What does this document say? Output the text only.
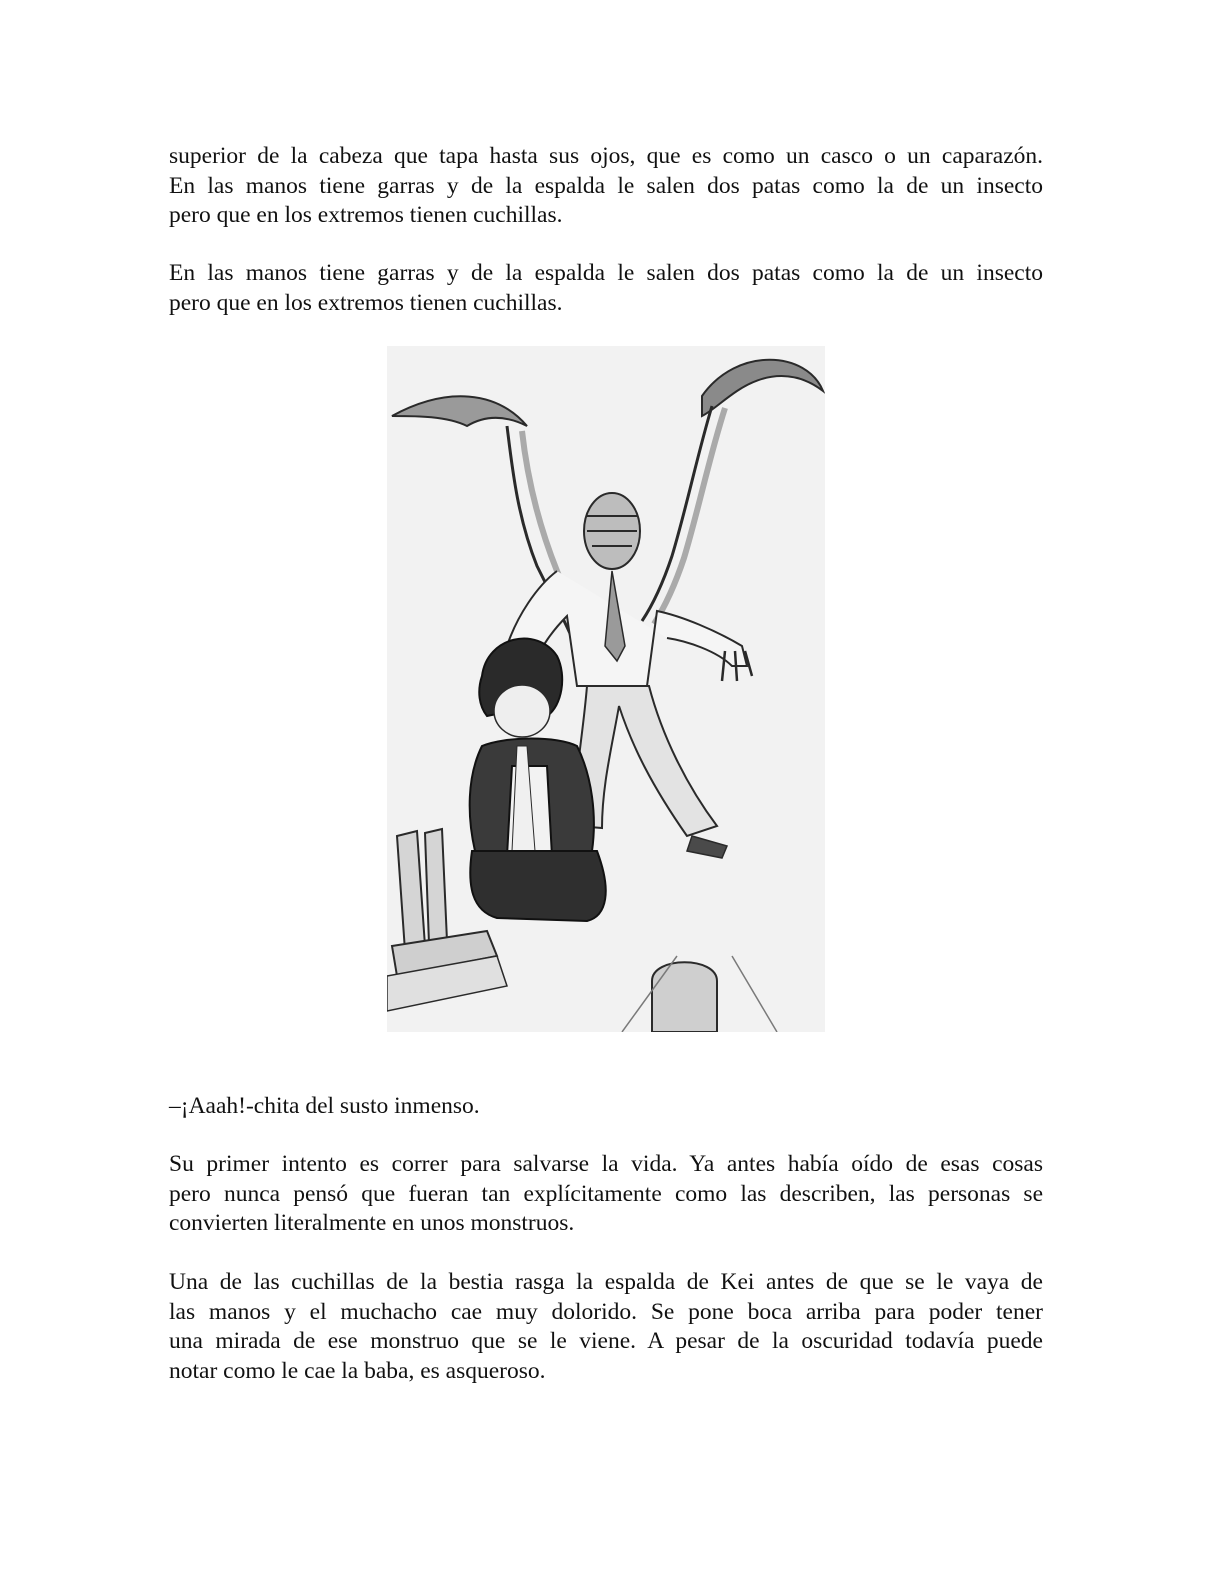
superior de la cabeza que tapa hasta sus ojos, que es como un casco o un caparazón.
En las manos tiene garras y de la espalda le salen dos patas como la de un insecto
pero que en los extremos tienen cuchillas.

En las manos tiene garras y de la espalda le salen dos patas como la de un insecto
pero que en los extremos tienen cuchillas.

–¡Aaah!-chita del susto inmenso.

Su primer intento es correr para salvarse la vida. Ya antes había oído de esas cosas
pero nunca pensó que fueran tan explícitamente como las describen, las personas se
convierten literalmente en unos monstruos.

Una de las cuchillas de la bestia rasga la espalda de Kei antes de que se le vaya de
las manos y el muchacho cae muy dolorido. Se pone boca arriba para poder tener
una mirada de ese monstruo que se le viene. A pesar de la oscuridad todavía puede
notar como le cae la baba, es asqueroso.
